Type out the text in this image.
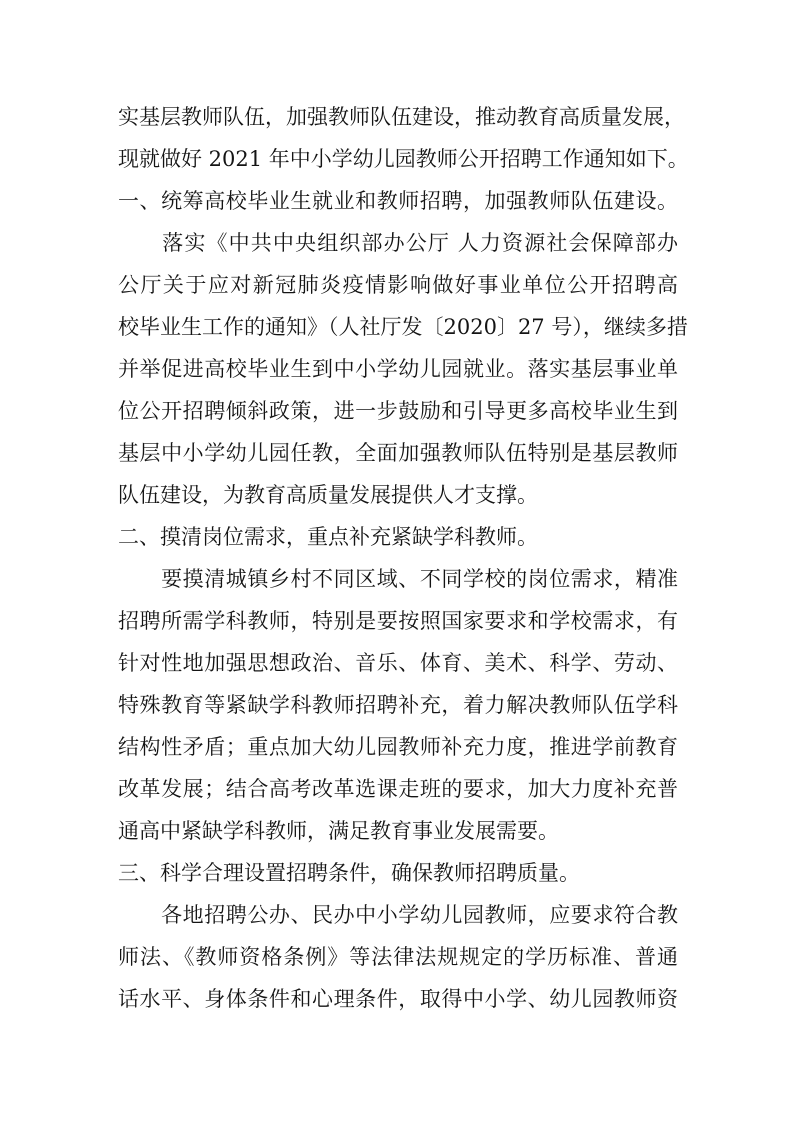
实基层教师队伍，加强教师队伍建设，推动教育高质量发展，
现就做好 2021 年中小学幼儿园教师公开招聘工作通知如下。
一、统筹高校毕业生就业和教师招聘，加强教师队伍建设。
　　落实《中共中央组织部办公厅 人力资源社会保障部办
公厅关于应对新冠肺炎疫情影响做好事业单位公开招聘高
校毕业生工作的通知》（人社厅发〔2020〕27 号），继续多措
并举促进高校毕业生到中小学幼儿园就业。落实基层事业单
位公开招聘倾斜政策，进一步鼓励和引导更多高校毕业生到
基层中小学幼儿园任教，全面加强教师队伍特别是基层教师
队伍建设，为教育高质量发展提供人才支撑。
二、摸清岗位需求，重点补充紧缺学科教师。
　　要摸清城镇乡村不同区域、不同学校的岗位需求，精准
招聘所需学科教师，特别是要按照国家要求和学校需求，有
针对性地加强思想政治、音乐、体育、美术、科学、劳动、
特殊教育等紧缺学科教师招聘补充，着力解决教师队伍学科
结构性矛盾；重点加大幼儿园教师补充力度，推进学前教育
改革发展；结合高考改革选课走班的要求，加大力度补充普
通高中紧缺学科教师，满足教育事业发展需要。
三、科学合理设置招聘条件，确保教师招聘质量。
　　各地招聘公办、民办中小学幼儿园教师，应要求符合教
师法、《教师资格条例》等法律法规规定的学历标准、普通
话水平、身体条件和心理条件，取得中小学、幼儿园教师资
